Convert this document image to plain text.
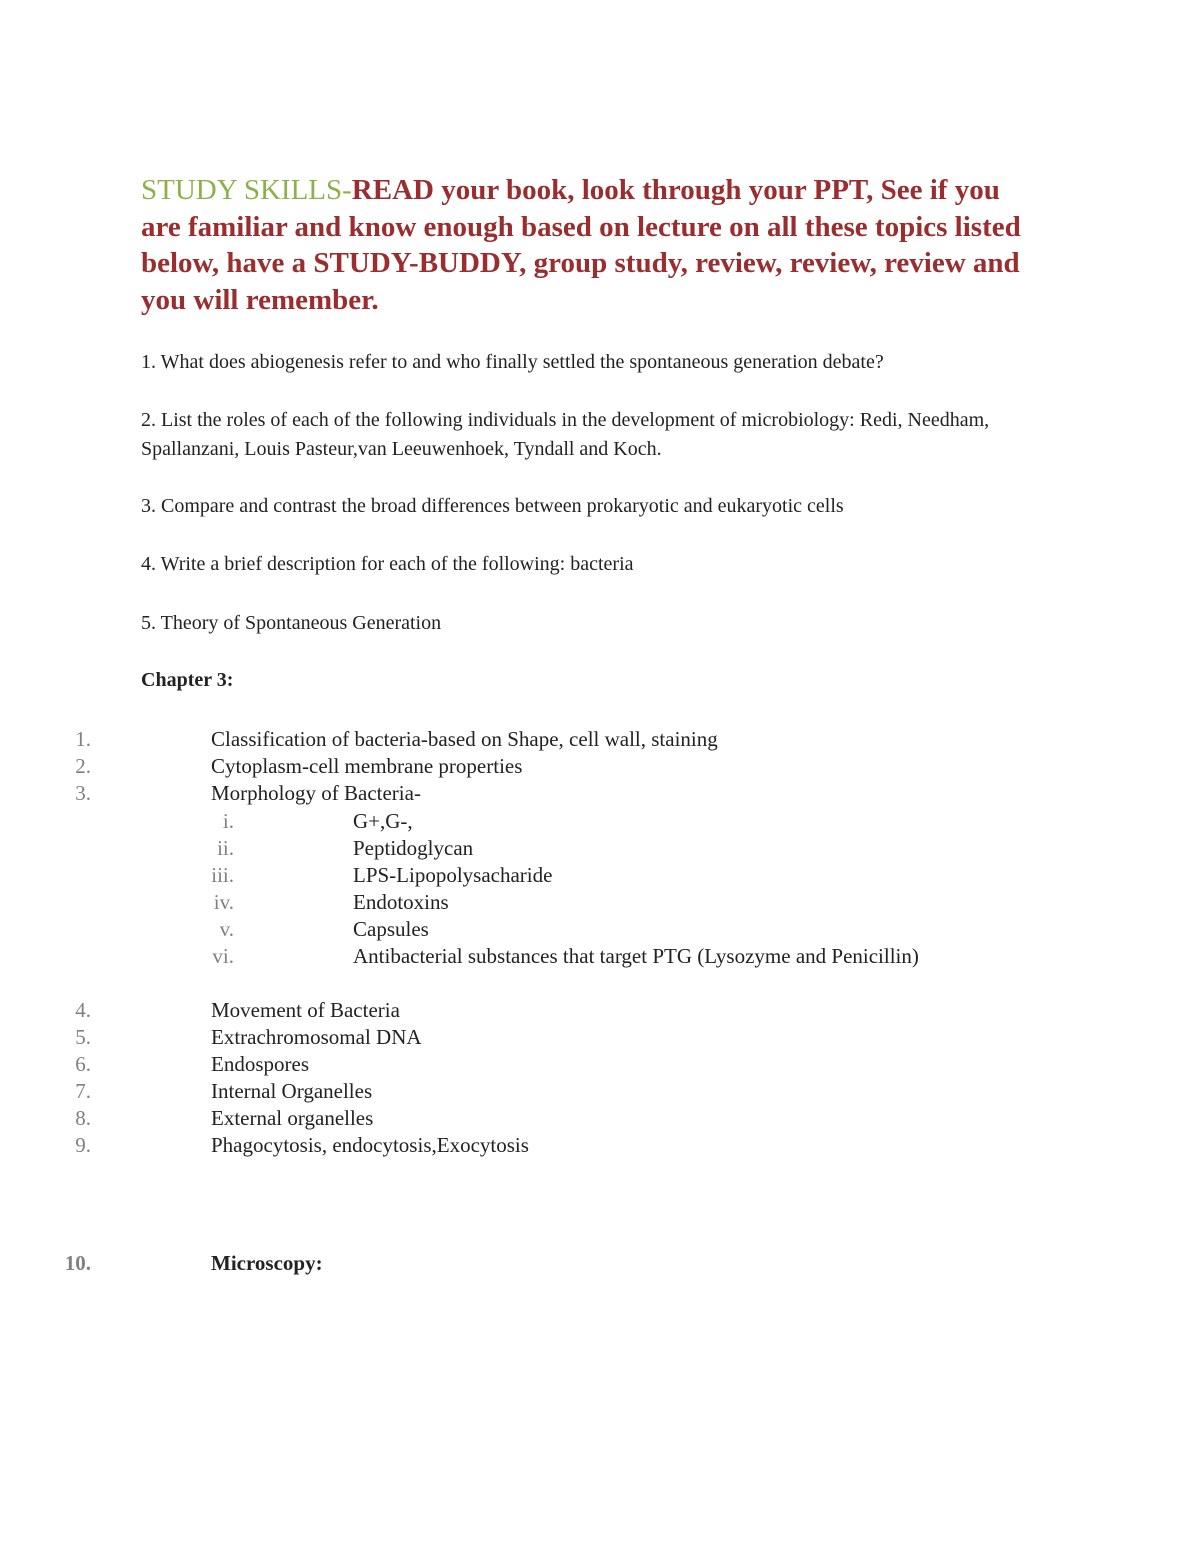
STUDY SKILLS-READ your book, look through your PPT, See if you are familiar and know enough based on lecture on all these topics listed below, have a STUDY-BUDDY, group study, review, review, review and you will remember.

1. What does abiogenesis refer to and who finally settled the spontaneous generation debate?

2. List the roles of each of the following individuals in the development of microbiology: Redi, Needham, Spallanzani, Louis Pasteur,van Leeuwenhoek, Tyndall and Koch.

3. Compare and contrast the broad differences between prokaryotic and eukaryotic cells

4. Write a brief description for each of the following: bacteria

5. Theory of Spontaneous Generation

Chapter 3:

1.	Classification of bacteria-based on Shape, cell wall, staining
2.	Cytoplasm-cell membrane properties
3.	Morphology of Bacteria-
i.	G+,G-,
ii.	Peptidoglycan
iii.	LPS-Lipopolysacharide
iv.	Endotoxins
v.	Capsules
vi.	Antibacterial substances that target PTG (Lysozyme and Penicillin)
4.	Movement of Bacteria
5.	Extrachromosomal DNA
6.	Endospores
7.	Internal Organelles
8.	External organelles
9.	Phagocytosis, endocytosis,Exocytosis
10.	Microscopy:
